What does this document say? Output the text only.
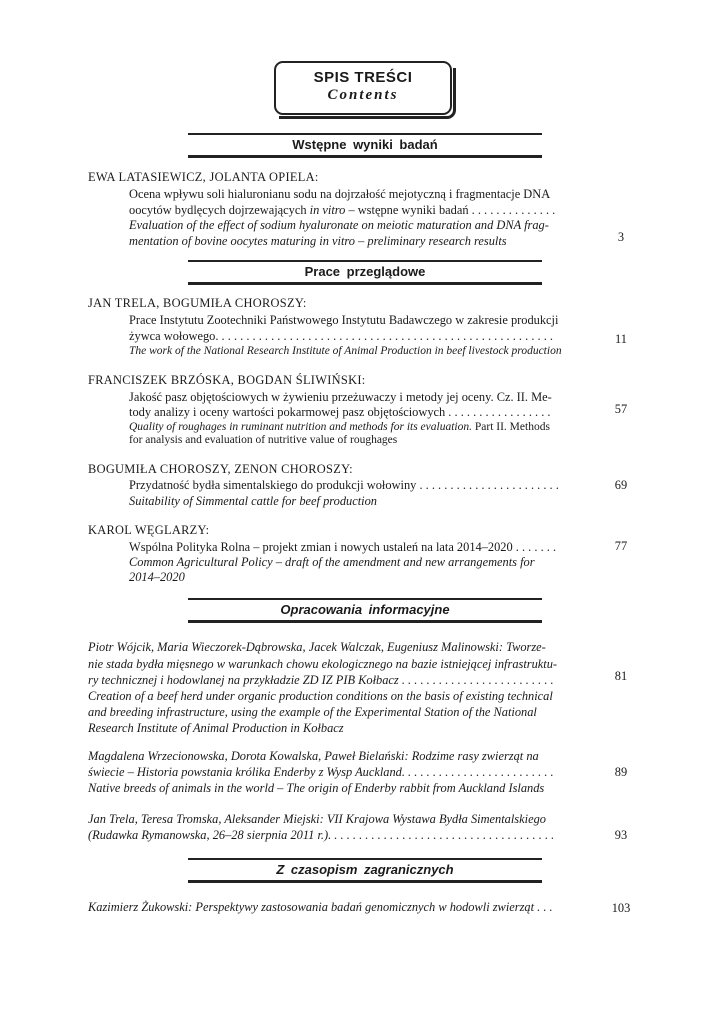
SPIS TREŚCI
Contents
Wstępne wyniki badań
EWA LATASIEWICZ, JOLANTA OPIELA:
Ocena wpływu soli hialuronianu sodu na dojrzałość mejotyczną i fragmentacje DNA
oocytów bydlęcych dojrzewających in vitro – wstępne wyniki badań . . . . . . . . . . . . . .
Evaluation of the effect of sodium hyaluronate on meiotic maturation and DNA frag-
mentation of bovine oocytes maturing in vitro – preliminary research results	3
Prace przeglądowe
JAN TRELA, BOGUMIŁA CHOROSZY:
Prace Instytutu Zootechniki Państwowego Instytutu Badawczego w zakresie produkcji
żywca wołowego. . . . . . . . . . . . . . . . . . . . . . . . . . . . . . . . . . . . . . . . . . . . . . . . . . . . . . .
The work of the National Research Institute of Animal Production in beef livestock production
11
FRANCISZEK BRZÓSKA, BOGDAN ŚLIWIŃSKI:
Jakość pasz objętościowych w żywieniu przeżuwaczy i metody jej oceny. Cz. II. Me-
tody analizy i oceny wartości pokarmowej pasz objętościowych . . . . . . . . . . . . . . . . .
Quality of roughages in ruminant nutrition and methods for its evaluation. Part II. Methods
for analysis and evaluation of nutritive value of roughages
57
BOGUMIŁA CHOROSZY, ZENON CHOROSZY:
Przydatność bydła simentalskiego do produkcji wołowiny . . . . . . . . . . . . . . . . . . . . . . .
Suitability of Simmental cattle for beef production
69
KAROL WĘGLARZY:
Wspólna Polityka Rolna – projekt zmian i nowych ustaleń na lata 2014–2020 . . . . . . .
Common Agricultural Policy – draft of the amendment and new arrangements for
2014–2020
77
Opracowania informacyjne
Piotr Wójcik, Maria Wieczorek-Dąbrowska, Jacek Walczak, Eugeniusz Malinowski: Tworze-
nie stada bydła mięsnego w warunkach chowu ekologicznego na bazie istniejącej infrastruktu-
ry technicznej i hodowlanej na przykładzie ZD IZ PIB Kołbacz . . . . . . . . . . . . . . . . . . . . . . . . .
Creation of a beef herd under organic production conditions on the basis of existing technical
and breeding infrastructure, using the example of the Experimental Station of the National
Research Institute of Animal Production in Kołbacz
81
Magdalena Wrzecionowska, Dorota Kowalska, Paweł Bielański: Rodzime rasy zwierząt na
świecie – Historia powstania królika Enderby z Wysp Auckland. . . . . . . . . . . . . . . . . . . . . . . . .
Native breeds of animals in the world – The origin of Enderby rabbit from Auckland Islands
89
Jan Trela, Teresa Tromska, Aleksander Miejski: VII Krajowa Wystawa Bydła Simentalskiego
(Rudawka Rymanowska, 26–28 sierpnia 2011 r.). . . . . . . . . . . . . . . . . . . . . . . . . . . . . . . . . . . . .	93
Z czasopism zagranicznych
Kazimierz Żukowski: Perspektywy zastosowania badań genomicznych w hodowli zwierząt . . .	103
